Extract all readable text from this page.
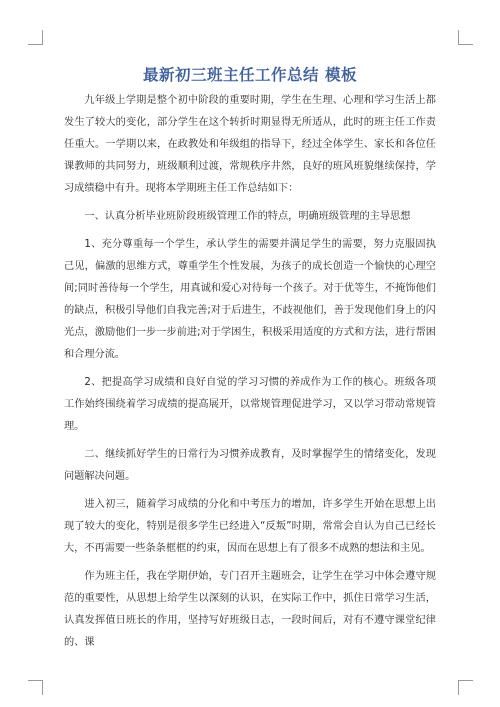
最新初三班主任工作总结 模板

九年级上学期是整个初中阶段的重要时期，学生在生理、心理和学习生活上都发生了较大的变化，部分学生在这个转折时期显得无所适从，此时的班主任工作责任重大。一学期以来，在政教处和年级组的指导下，经过全体学生、家长和各位任课教师的共同努力，班级顺利过渡，常规秩序井然，良好的班风班貌继续保持，学习成绩稳中有升。现将本学期班主任工作总结如下：

一、认真分析毕业班阶段班级管理工作的特点，明确班级管理的主导思想

1、充分尊重每一个学生，承认学生的需要并满足学生的需要，努力克服固执己见，偏激的思维方式，尊重学生个性发展，为孩子的成长创造一个愉快的心理空间;同时善待每一个学生，用真诚和爱心对待每一个孩子。对于优等生，不掩饰他们的缺点，积极引导他们自我完善;对于后进生，不歧视他们，善于发现他们身上的闪光点，激励他们一步一步前进;对于学困生，积极采用适度的方式和方法，进行帮困和合理分流。

2、把提高学习成绩和良好自觉的学习习惯的养成作为工作的核心。班级各项工作始终围绕着学习成绩的提高展开，以常规管理促进学习，又以学习带动常规管理。

二、继续抓好学生的日常行为习惯养成教育，及时掌握学生的情绪变化，发现问题解决问题。

进入初三，随着学习成绩的分化和中考压力的增加，许多学生开始在思想上出现了较大的变化，特别是很多学生已经进入“反叛”时期，常常会自认为自己已经长大，不再需要一些条条框框的约束，因而在思想上有了很多不成熟的想法和主见。

作为班主任，我在学期伊始，专门召开主题班会，让学生在学习中体会遵守规范的重要性，从思想上给学生以深刻的认识，在实际工作中，抓住日常学习生活，认真发挥值日班长的作用，坚持写好班级日志，一段时间后，对有不遵守课堂纪律的、课
